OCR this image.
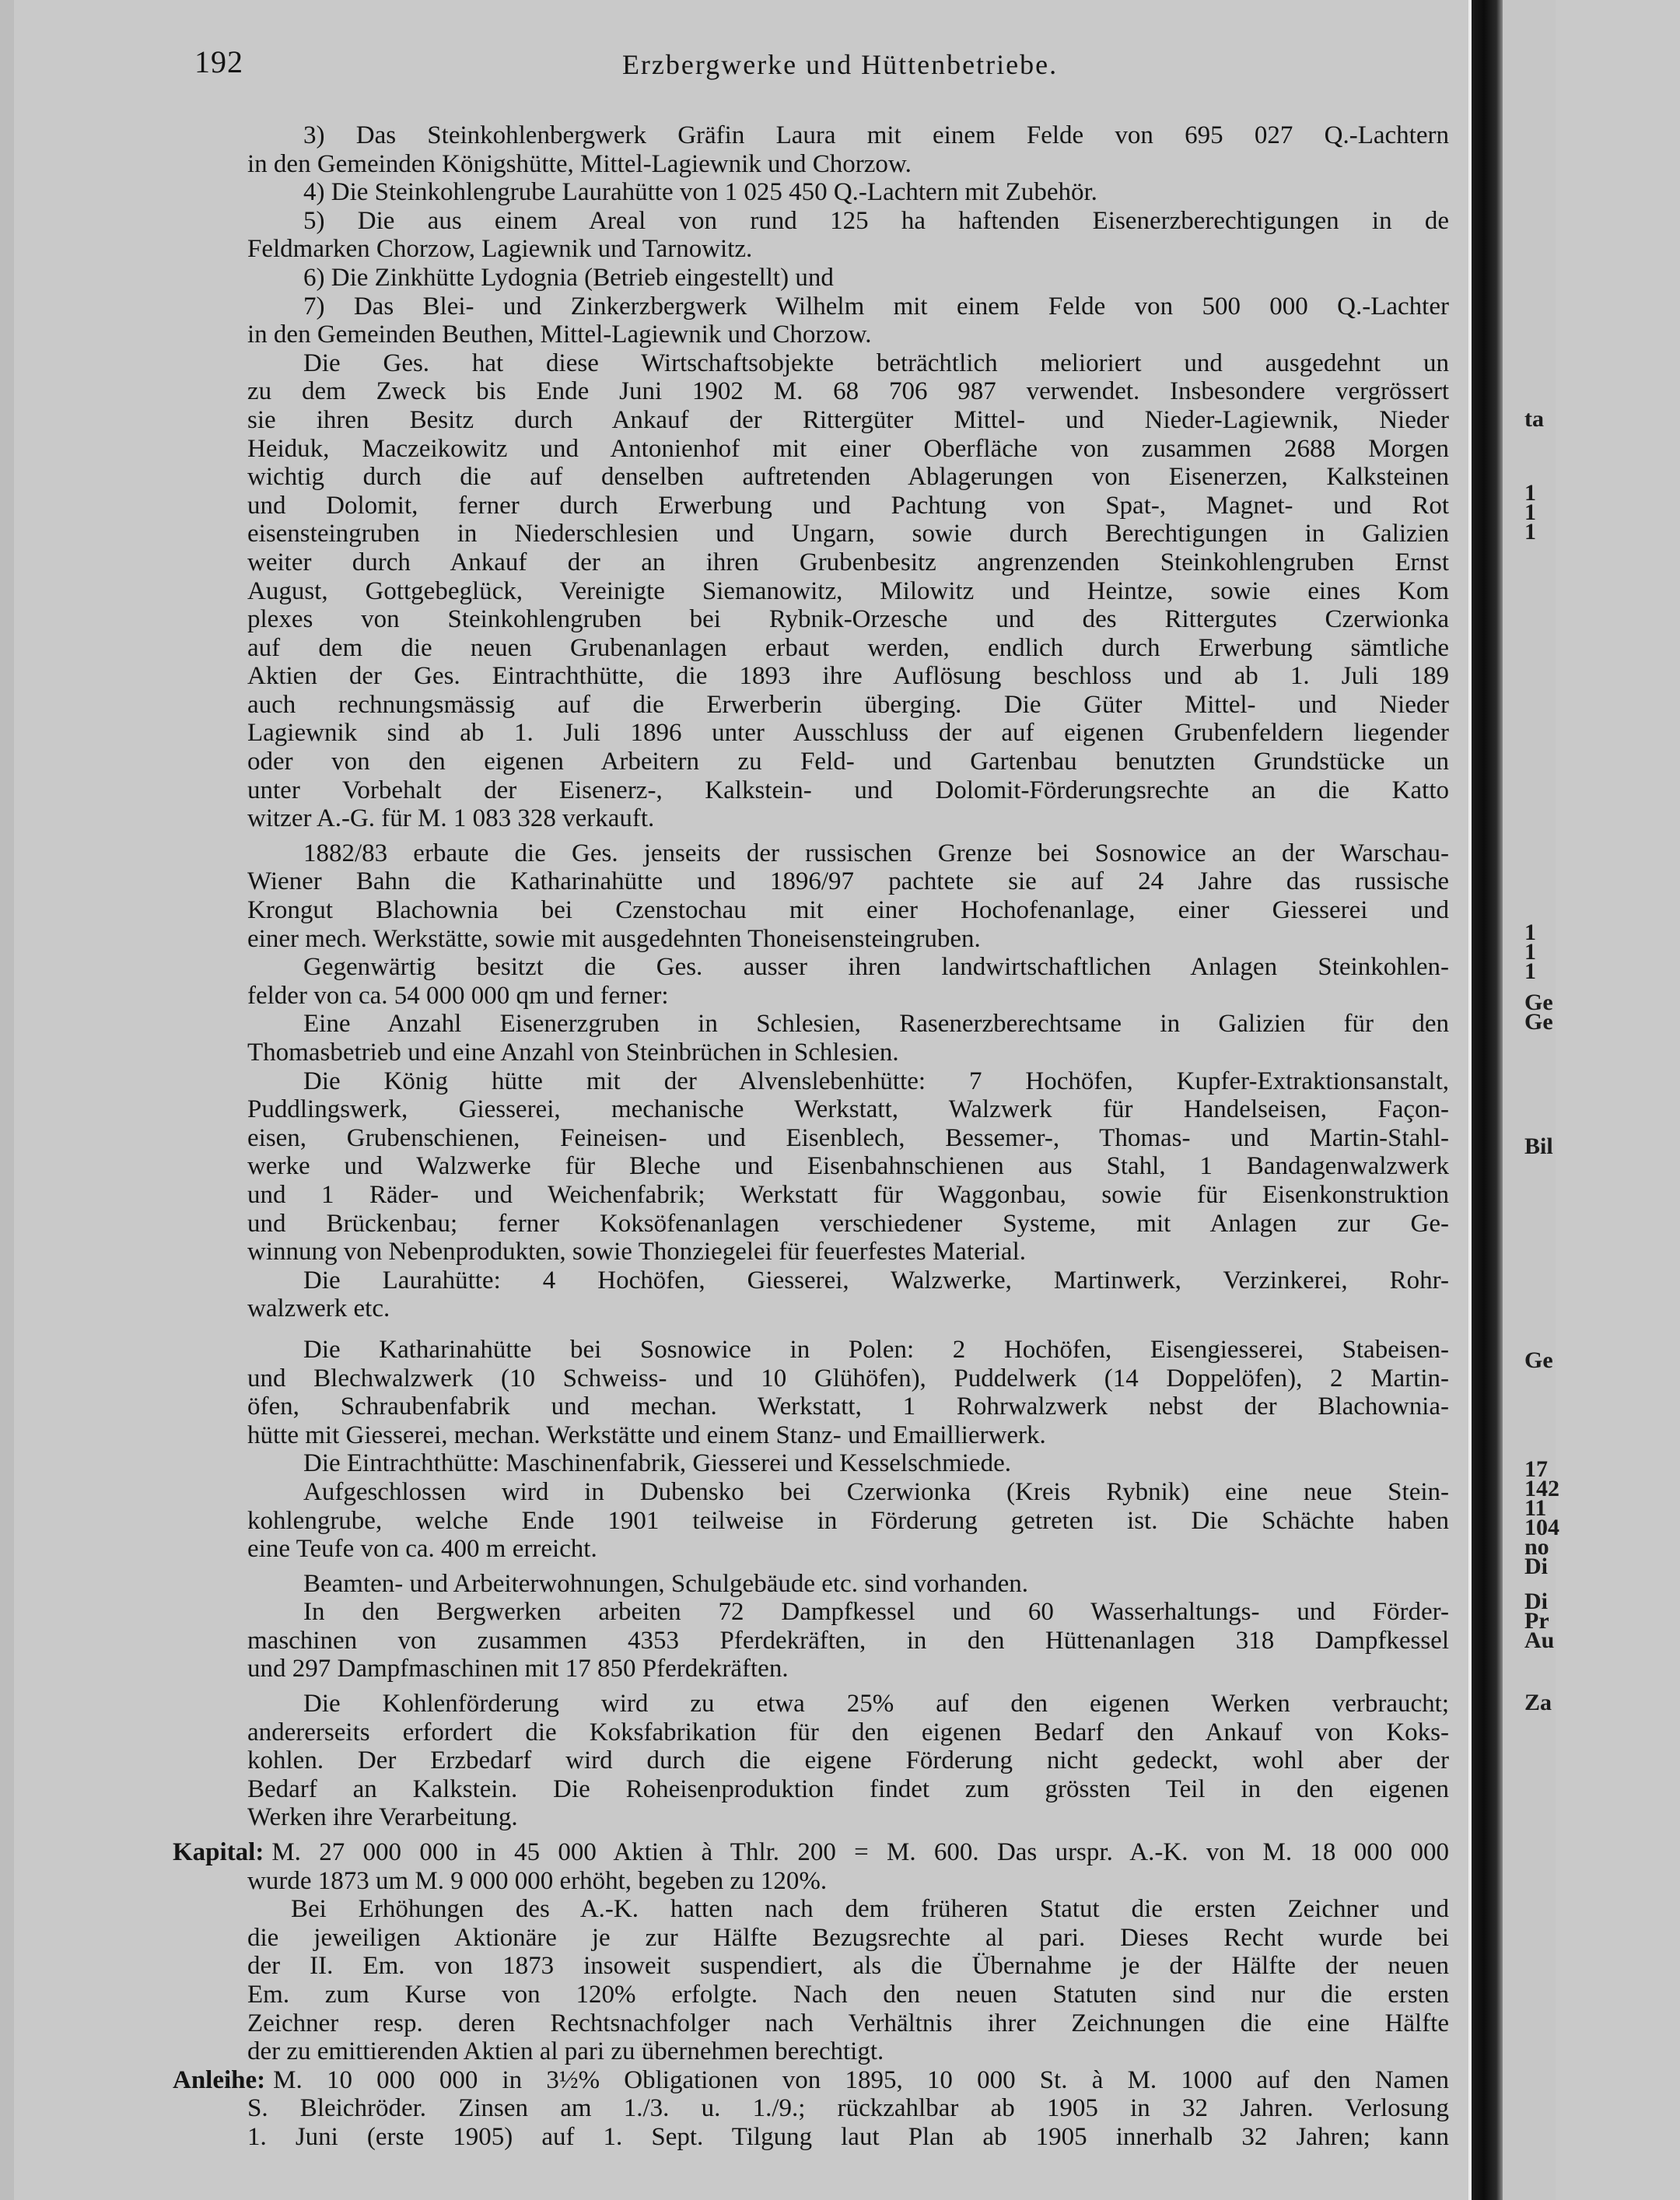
192	Erzbergwerke und Hüttenbetriebe.
3) Das Steinkohlenbergwerk Gräfin Laura mit einem Felde von 695 027 Q.-Lachtern
in den Gemeinden Königshütte, Mittel-Lagiewnik und Chorzow.
4) Die Steinkohlengrube Laurahütte von 1 025 450 Q.-Lachtern mit Zubehör.
5) Die aus einem Areal von rund 125 ha haftenden Eisenerzberechtigungen in de
Feldmarken Chorzow, Lagiewnik und Tarnowitz.
6) Die Zinkhütte Lydognia (Betrieb eingestellt) und
7) Das Blei- und Zinkerzbergwerk Wilhelm mit einem Felde von 500 000 Q.-Lachter
in den Gemeinden Beuthen, Mittel-Lagiewnik und Chorzow.
Die Ges. hat diese Wirtschaftsobjekte beträchtlich melioriert und ausgedehnt un
zu dem Zweck bis Ende Juni 1902 M. 68 706 987 verwendet. Insbesondere vergrössert
sie ihren Besitz durch Ankauf der Rittergüter Mittel- und Nieder-Lagiewnik, Nieder
Heiduk, Maczeikowitz und Antonienhof mit einer Oberfläche von zusammen 2688 Morgen
wichtig durch die auf denselben auftretenden Ablagerungen von Eisenerzen, Kalksteinen
und Dolomit, ferner durch Erwerbung und Pachtung von Spat-, Magnet- und Rot
eisensteingruben in Niederschlesien und Ungarn, sowie durch Berechtigungen in Galizien
weiter durch Ankauf der an ihren Grubenbesitz angrenzenden Steinkohlengruben Ernst
August, Gottgebeglück, Vereinigte Siemanowitz, Milowitz und Heintze, sowie eines Kom
plexes von Steinkohlengruben bei Rybnik-Orzesche und des Rittergutes Czerwionka
auf dem die neuen Grubenanlagen erbaut werden, endlich durch Erwerbung sämtliche
Aktien der Ges. Eintrachthütte, die 1893 ihre Auflösung beschloss und ab 1. Juli 189
auch rechnungsmässig auf die Erwerberin überging. Die Güter Mittel- und Nieder
Lagiewnik sind ab 1. Juli 1896 unter Ausschluss der auf eigenen Grubenfeldern liegender
oder von den eigenen Arbeitern zu Feld- und Gartenbau benutzten Grundstücke un
unter Vorbehalt der Eisenerz-, Kalkstein- und Dolomit-Förderungsrechte an die Katto
witzer A.-G. für M. 1 083 328 verkauft.
1882/83 erbaute die Ges. jenseits der russischen Grenze bei Sosnowice an der Warschau-
Wiener Bahn die Katharinahütte und 1896/97 pachtete sie auf 24 Jahre das russische
Krongut Blachownia bei Czenstochau mit einer Hochofenanlage, einer Giesserei und
einer mech. Werkstätte, sowie mit ausgedehnten Thoneisensteingruben.
Gegenwärtig besitzt die Ges. ausser ihren landwirtschaftlichen Anlagen Steinkohlen-
felder von ca. 54 000 000 qm und ferner:
Eine Anzahl Eisenerzgruben in Schlesien, Rasenerzberechtsame in Galizien für den
Thomasbetrieb und eine Anzahl von Steinbrüchen in Schlesien.
Die König hütte mit der Alvenslebenhütte: 7 Hochöfen, Kupfer-Extraktionsanstalt,
Puddlingswerk, Giesserei, mechanische Werkstatt, Walzwerk für Handelseisen, Façon-
eisen, Grubenschienen, Feineisen- und Eisenblech, Bessemer-, Thomas- und Martin-Stahl-
werke und Walzwerke für Bleche und Eisenbahnschienen aus Stahl, 1 Bandagenwalzwerk
und 1 Räder- und Weichenfabrik; Werkstatt für Waggonbau, sowie für Eisenkonstruktion
und Brückenbau; ferner Koksöfenanlagen verschiedener Systeme, mit Anlagen zur Ge-
winnung von Nebenprodukten, sowie Thonziegelei für feuerfestes Material.
Die Laurahütte: 4 Hochöfen, Giesserei, Walzwerke, Martinwerk, Verzinkerei, Rohr-
walzwerk etc.
Die Katharinahütte bei Sosnowice in Polen: 2 Hochöfen, Eisengiesserei, Stabeisen-
und Blechwalzwerk (10 Schweiss- und 10 Glühöfen), Puddelwerk (14 Doppelöfen), 2 Martin-
öfen, Schraubenfabrik und mechan. Werkstatt, 1 Rohrwalzwerk nebst der Blachownia-
hütte mit Giesserei, mechan. Werkstätte und einem Stanz- und Emaillierwerk.
Die Eintrachthütte: Maschinenfabrik, Giesserei und Kesselschmiede.
Aufgeschlossen wird in Dubensko bei Czerwionka (Kreis Rybnik) eine neue Stein-
kohlengrube, welche Ende 1901 teilweise in Förderung getreten ist. Die Schächte haben
eine Teufe von ca. 400 m erreicht.
Beamten- und Arbeiterwohnungen, Schulgebäude etc. sind vorhanden.
In den Bergwerken arbeiten 72 Dampfkessel und 60 Wasserhaltungs- und Förder-
maschinen von zusammen 4353 Pferdekräften, in den Hüttenanlagen 318 Dampfkessel
und 297 Dampfmaschinen mit 17 850 Pferdekräften.
Die Kohlenförderung wird zu etwa 25% auf den eigenen Werken verbraucht;
andererseits erfordert die Koksfabrikation für den eigenen Bedarf den Ankauf von Koks-
kohlen. Der Erzbedarf wird durch die eigene Förderung nicht gedeckt, wohl aber der
Bedarf an Kalkstein. Die Roheisenproduktion findet zum grössten Teil in den eigenen
Werken ihre Verarbeitung.
Kapital: M. 27 000 000 in 45 000 Aktien à Thlr. 200 = M. 600. Das urspr. A.-K. von M. 18 000 000
wurde 1873 um M. 9 000 000 erhöht, begeben zu 120%.
Bei Erhöhungen des A.-K. hatten nach dem früheren Statut die ersten Zeichner und
die jeweiligen Aktionäre je zur Hälfte Bezugsrechte al pari. Dieses Recht wurde bei
der II. Em. von 1873 insoweit suspendiert, als die Übernahme je der Hälfte der neuen
Em. zum Kurse von 120% erfolgte. Nach den neuen Statuten sind nur die ersten
Zeichner resp. deren Rechtsnachfolger nach Verhältnis ihrer Zeichnungen die eine Hälfte
der zu emittierenden Aktien al pari zu übernehmen berechtigt.
Anleihe: M. 10 000 000 in 3½% Obligationen von 1895, 10 000 St. à M. 1000 auf den Namen
S. Bleichröder. Zinsen am 1./3. u. 1./9.; rückzahlbar ab 1905 in 32 Jahren. Verlosung
1. Juni (erste 1905) auf 1. Sept. Tilgung laut Plan ab 1905 innerhalb 32 Jahren; kann
ta
1
1
1
1
1
1
Ge
Ge
Bil
Ge
17
142
11
104
no
Di
Di
Pr
Au
Za
